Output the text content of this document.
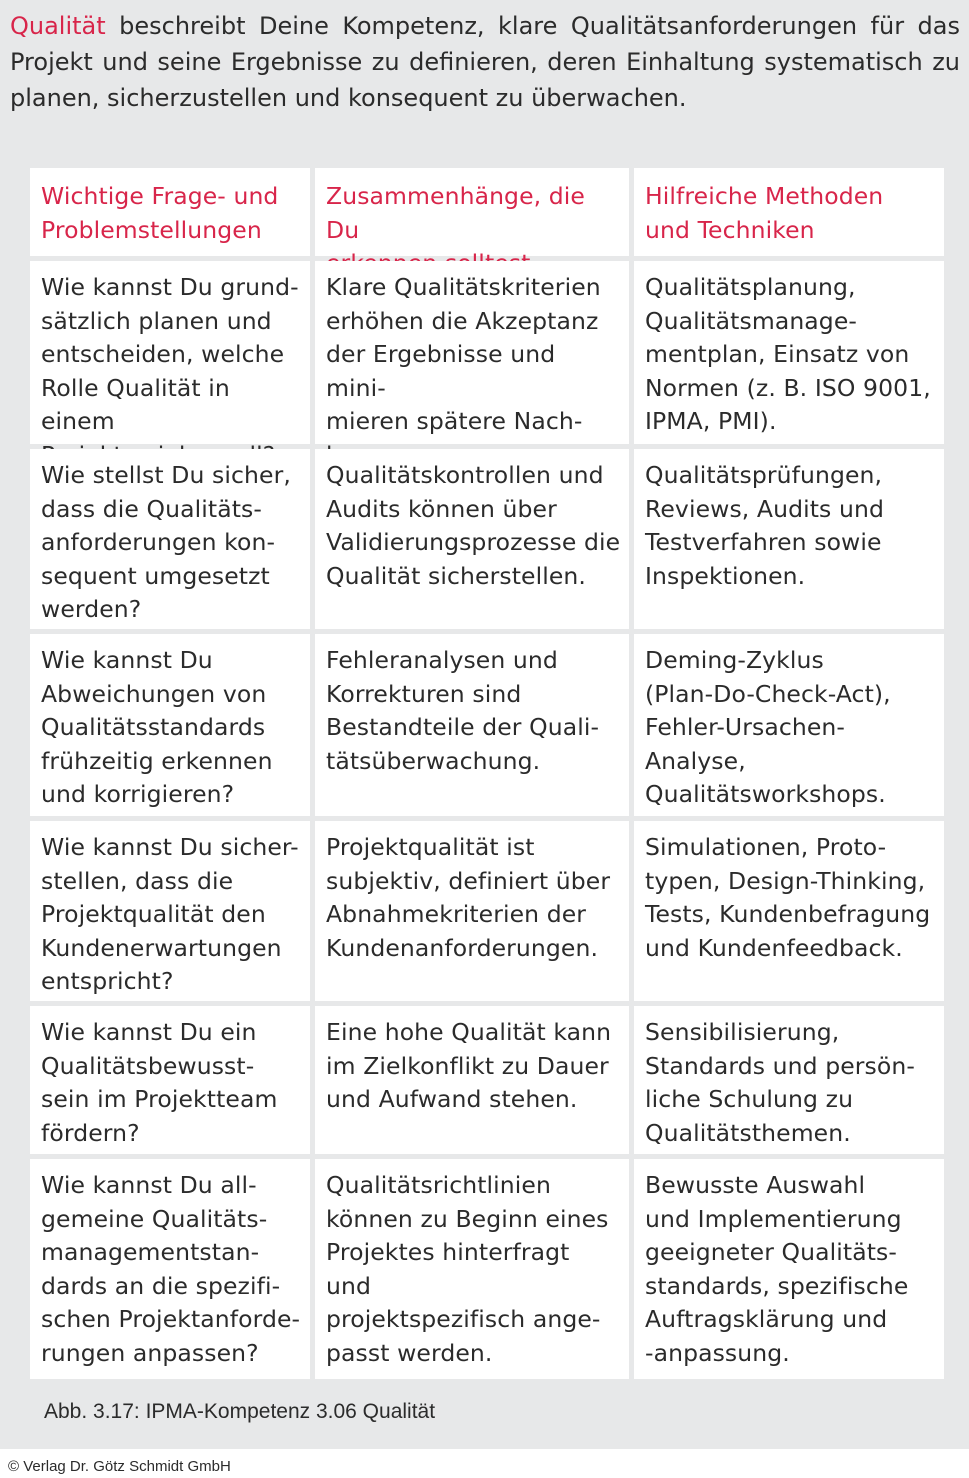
Qualität beschreibt Deine Kompetenz, klare Qualitätsanforderungen für das Projekt und seine Ergebnisse zu definieren, deren Einhaltung systematisch zu planen, sicherzustellen und konsequent zu überwachen.

Wichtige Frage- und
Problemstellungen
Zusammenhänge, die Du

Hilfreiche Methoden
und Techniken
Wie kannst Du grund-
sätzlich planen und
entscheiden, welche
Rolle Qualität in einem

Klare Qualitätskriterien
erhöhen die Akzeptanz
der Ergebnisse und mini-
mieren spätere Nach-

Qualitätsplanung,
Qualitätsmanage-
mentplan, Einsatz von
Normen (z. B. ISO 9001,
IPMA, PMI).
Wie stellst Du sicher,
dass die Qualitäts-
anforderungen kon-
sequent umgesetzt
werden?
Qualitätskontrollen und
Audits können über
Validierungsprozesse die
Qualität sicherstellen.
Qualitätsprüfungen,
Reviews, Audits und
Testverfahren sowie
Inspektionen.
Wie kannst Du
Abweichungen von
Qualitätsstandards
frühzeitig erkennen
und korrigieren?
Fehleranalysen und
Korrekturen sind
Bestandteile der Quali-
tätsüberwachung.
Deming-Zyklus
(Plan-Do-Check-Act),
Fehler-Ursachen-Analyse,
Qualitätsworkshops.
Wie kannst Du sicher-
stellen, dass die
Projektqualität den
Kundenerwartungen
entspricht?
Projektqualität ist
subjektiv, definiert über
Abnahmekriterien der
Kundenanforderungen.
Simulationen, Proto-
typen, Design-Thinking,
Tests, Kundenbefragung
und Kundenfeedback.
Wie kannst Du ein
Qualitätsbewusst-
sein im Projektteam
fördern?
Eine hohe Qualität kann
im Zielkonflikt zu Dauer
und Aufwand stehen.
Sensibilisierung,
Standards und persön-
liche Schulung zu
Qualitätsthemen.
Wie kannst Du all-
gemeine Qualitäts-
managementstan-
dards an die spezifi-
schen Projektanforde-
rungen anpassen?
Qualitätsrichtlinien
können zu Beginn eines
Projektes hinterfragt und
projektspezifisch ange-
passt werden.
Bewusste Auswahl
und Implementierung
geeigneter Qualitäts-
standards, spezifische
Auftragsklärung und
-anpassung.
Abb. 3.17: IPMA-Kompetenz 3.06 Qualität
© Verlag Dr. Götz Schmidt GmbH
